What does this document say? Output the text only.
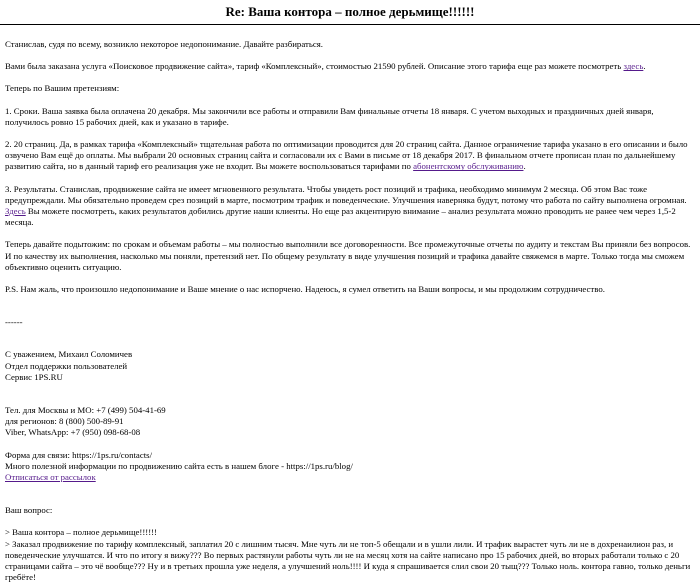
Re: Ваша контора – полное дерьмище!!!!!!

Станислав, судя по всему, возникло некоторое недопонимание. Давайте разбираться.

Вами была заказана услуга «Поисковое продвижение сайта», тариф «Комплексный», стоимостью 21590 рублей. Описание этого тарифа еще раз можете посмотреть здесь.

Теперь по Вашим претензиям:

1. Сроки. Ваша заявка была оплачена 20 декабря. Мы закончили все работы и отправили Вам финальные отчеты 18 января. С учетом выходных и праздничных дней января, получилось ровно 15 рабочих дней, как и указано в тарифе.

2. 20 страниц. Да, в рамках тарифа «Комплексный» тщательная работа по оптимизации проводится для 20 страниц сайта. Данное ограничение тарифа указано в его описании и было озвучено Вам ещё до оплаты. Мы выбрали 20 основных страниц сайта и согласовали их с Вами в письме от 18 декабря 2017. В финальном отчете прописан план по дальнейшему развитию сайта, но в данный тариф его реализация уже не входит. Вы можете воспользоваться тарифами по абонентскому обслуживанию.

3. Результаты. Станислав, продвижение сайта не имеет мгновенного результата. Чтобы увидеть рост позиций и трафика, необходимо минимум 2 месяца. Об этом Вас тоже предупреждали. Мы обязательно проведем срез позиций в марте, посмотрим трафик и поведенческие. Улучшения наверняка будут, потому что работа по сайту выполнена огромная. Здесь Вы можете посмотреть, каких результатов добились другие наши клиенты. Но еще раз акцентирую внимание – анализ результата можно проводить не ранее чем через 1,5-2 месяца.

Теперь давайте подытожим: по срокам и объемам работы – мы полностью выполнили все договоренности. Все промежуточные отчеты по аудиту и текстам Вы приняли без вопросов. И по качеству их выполнения, насколько мы поняли, претензий нет. По общему результату в виде улучшения позиций и трафика давайте свяжемся в марте. Только тогда мы сможем объективно оценить ситуацию.

P.S. Нам жаль, что произошло недопонимание и Ваше мнение о нас испорчено. Надеюсь, я сумел ответить на Ваши вопросы, и мы продолжим сотрудничество.

------

С уважением, Михаил Соломичев

Отдел поддержки пользователей

Сервис 1PS.RU

Тел. для Москвы и МО: +7 (499) 504-41-69

для регионов: 8 (800) 500-89-91

Viber, WhatsApp: +7 (950) 098-68-08

Форма для связи: https://1ps.ru/contacts/

Много полезной информации по продвижению сайта есть в нашем блоге - https://1ps.ru/blog/

Отписаться от рассылок

Ваш вопрос:

> Ваша контора – полное дерьмище!!!!!!

> Заказал продвижение по тарифу комплексный, заплатил 20 с лишним тысяч. Мне чуть ли не топ-5 обещали и в ушли лили. И трафик выраcтет чуть ли не в дохренаилион раз, и поведенческие улучшатся. И что по итогу я вижу??? Во первых растянули работы чуть ли не на месяц хотя на сайте написано про 15 рабочих дней, во вторых работали только с 20 страницами сайта – это чё вообще??? Ну и в третьих прошла уже неделя, а улучшений ноль!!!! И куда я спрашивается слил свои 20 тыщ??? Только ноль. контора гавно, только деньги гребёте!
